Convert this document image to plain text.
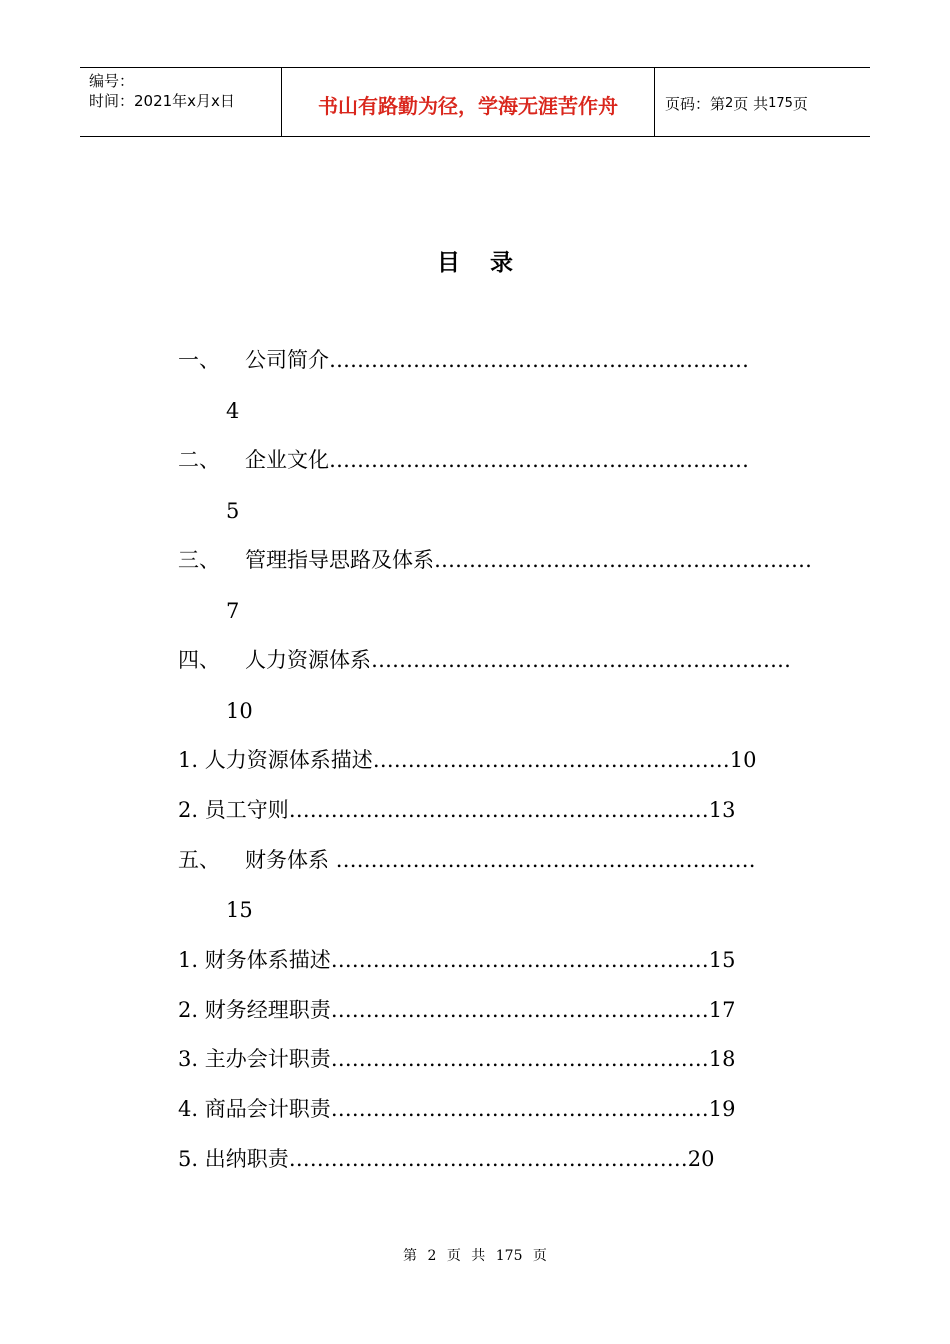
编号：
时间：2021年x月x日	书山有路勤为径，学海无涯苦作舟	页码：第 2 页 共 175 页
目录
一、 公司简介……………………………………………………
4
二、 企业文化……………………………………………………
5
三、 管理指导思路及体系………………………………………………
7
四、 人力资源体系……………………………………………………
10
1. 人力资源体系描述……………………………………………10
2. 员工守则……………………………………………………13
五、 财务体系 ……………………………………………………
15
1. 财务体系描述………………………………………………15
2. 财务经理职责………………………………………………17
3. 主办会计职责………………………………………………18
4. 商品会计职责………………………………………………19
5. 出纳职责…………………………………………………20
第 2 页 共 175 页
